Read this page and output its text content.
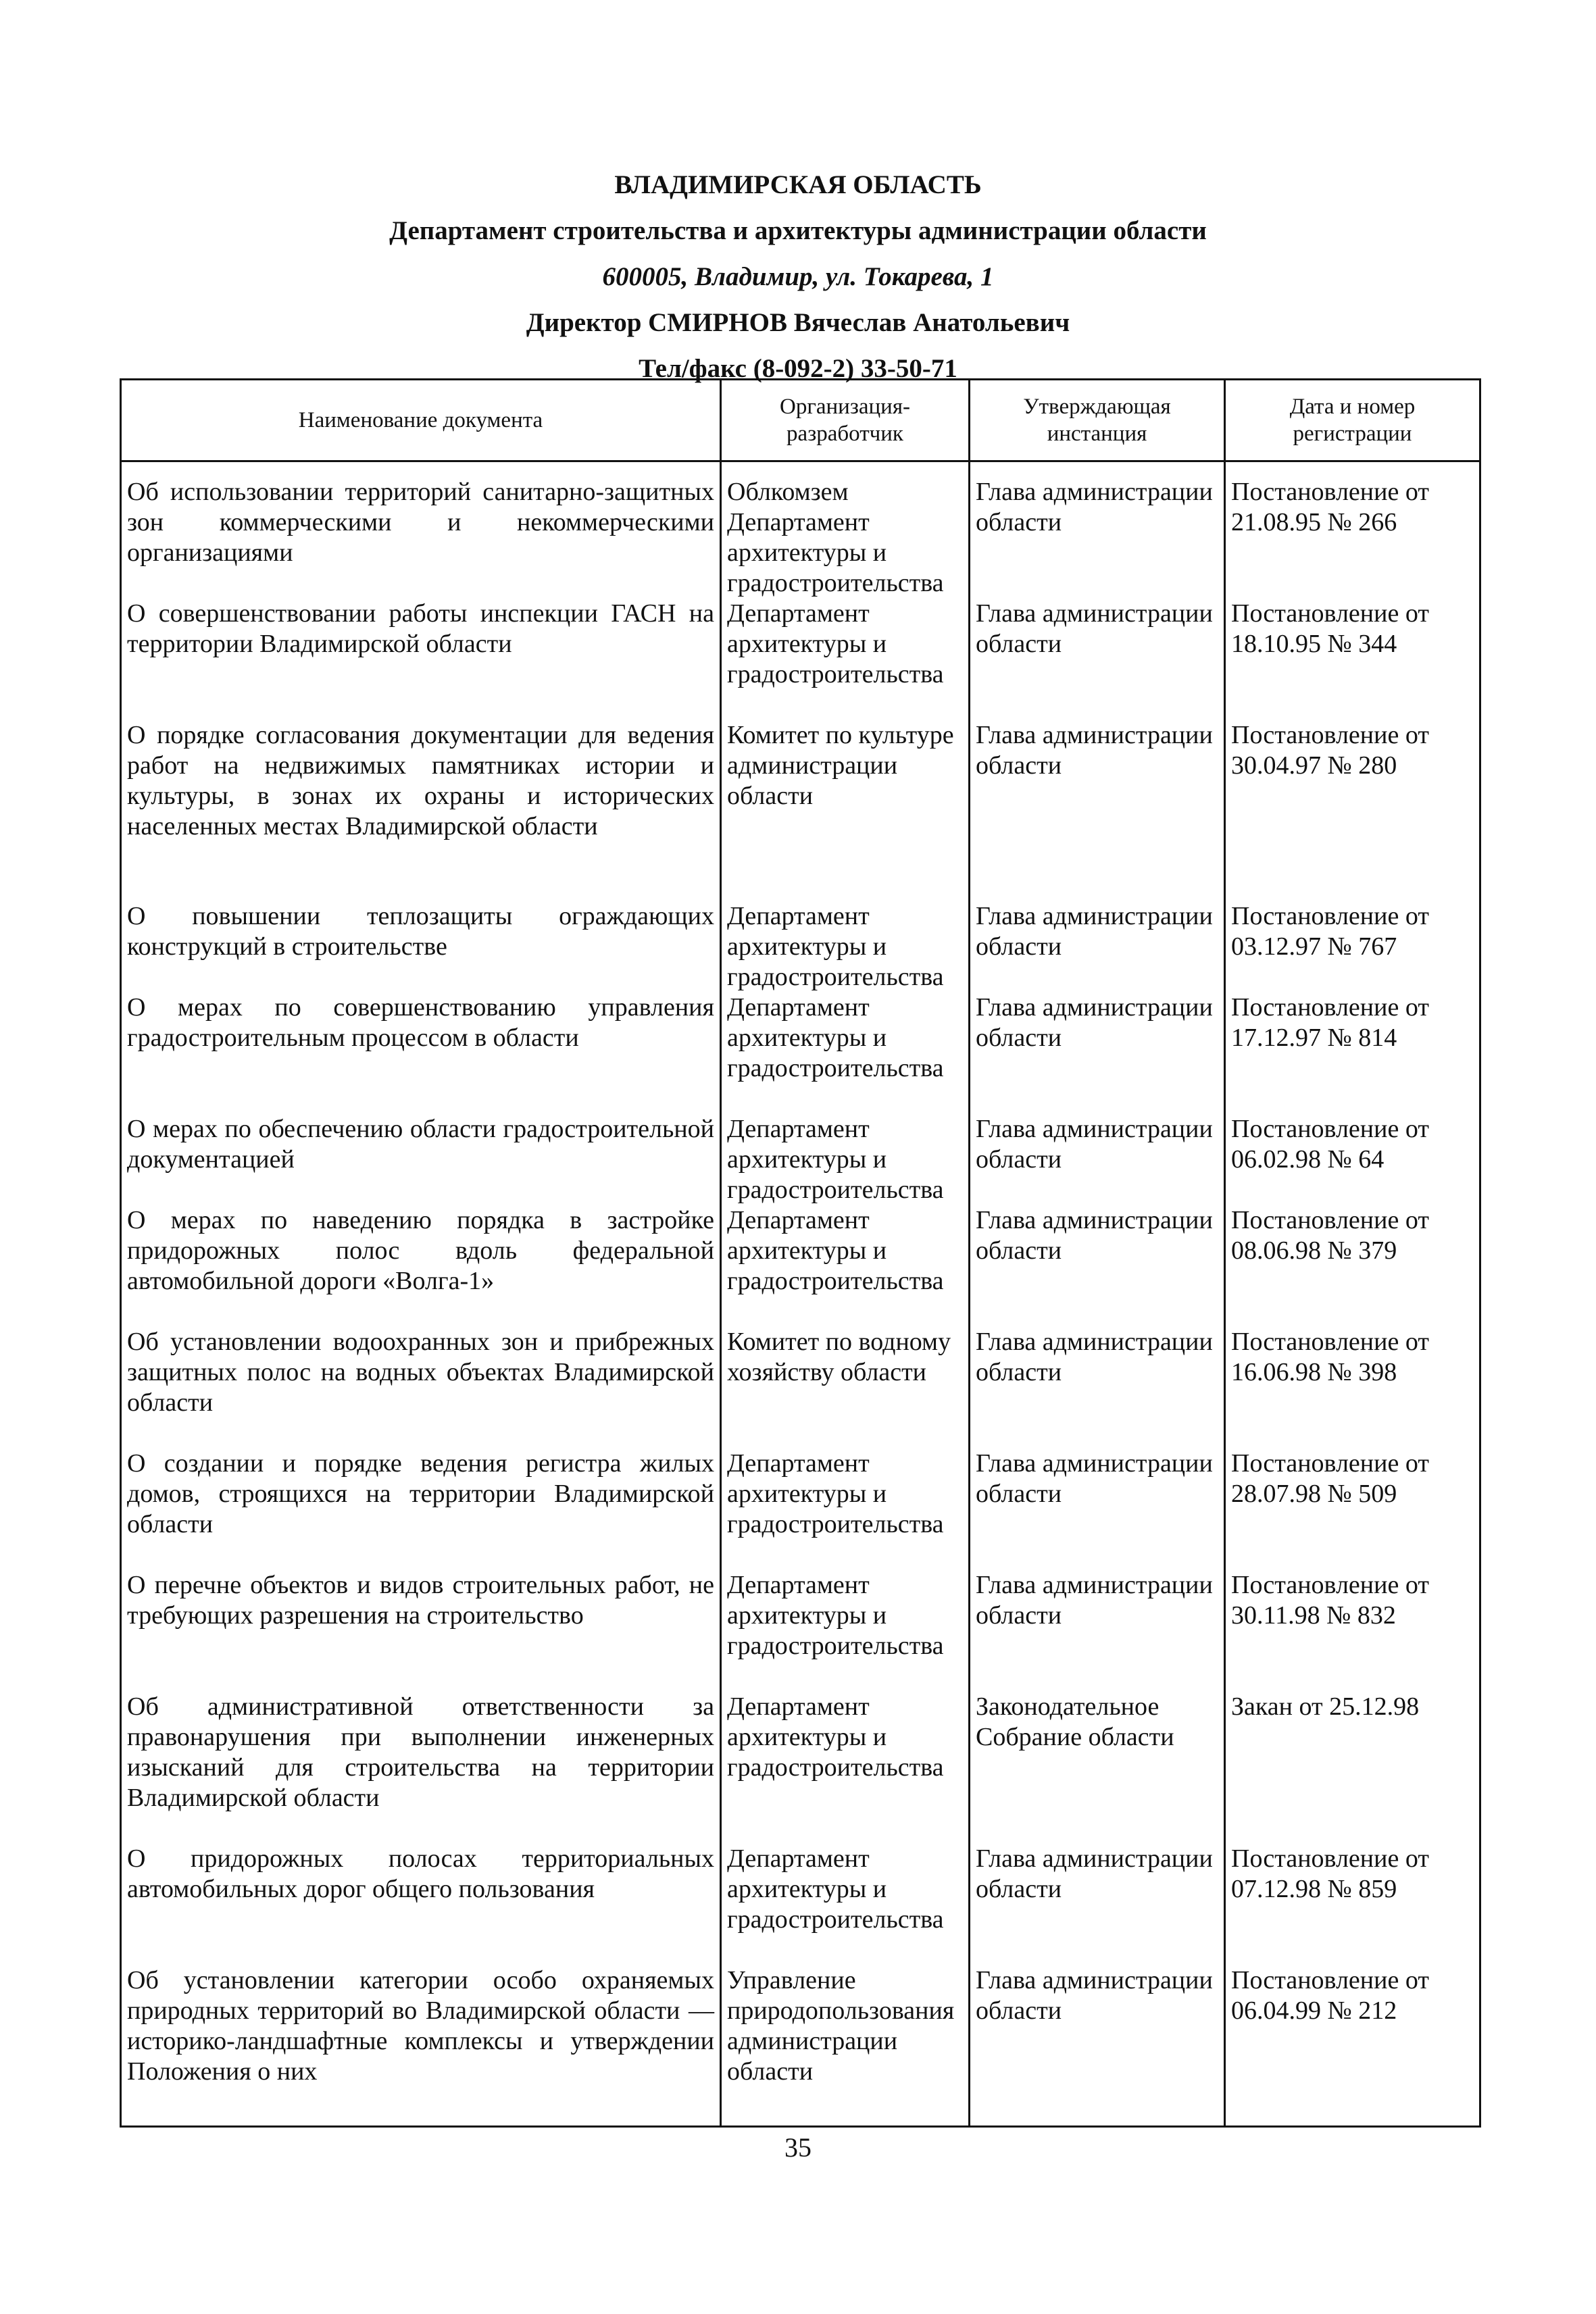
ВЛАДИМИРСКАЯ ОБЛАСТЬ
Департамент строительства и архитектуры администрации области
600005, Владимир, ул. Токарева, 1
Директор СМИРНОВ Вячеслав Анатольевич
Тел/факс (8-092-2) 33-50-71
Наименование документа	Организация-разработчик	Утверждающая инстанция	Дата и номер регистрации

Об использовании территорий санитарно-защитных зон коммерческими и некоммерческими организациями	Облкомзем Департамент архитектуры и градостроительства	Глава администрации области	Постановление от 21.08.95 № 266
О совершенствовании работы инспекции ГАСН на территории Владимирской области	Департамент архитектуры и градостроительства	Глава администрации области	Постановление от 18.10.95 № 344
О порядке согласования документации для ведения работ на недвижимых памятниках истории и культуры, в зонах их охраны и исторических населенных местах Владимирской области	Комитет по культуре администрации области	Глава администрации области	Постановление от 30.04.97 № 280
О повышении теплозащиты ограждающих конструкций в строительстве	Департамент архитектуры и градостроительства	Глава администрации области	Постановление от 03.12.97 № 767
О мерах по совершенствованию управления градостроительным процессом в области	Департамент архитектуры и градостроительства	Глава администрации области	Постановление от 17.12.97 № 814
О мерах по обеспечению области градостроительной документацией	Департамент архитектуры и градостроительства	Глава администрации области	Постановление от 06.02.98 № 64
О мерах по наведению порядка в застройке придорожных полос вдоль федеральной автомобильной дороги «Волга-1»	Департамент архитектуры и градостроительства	Глава администрации области	Постановление от 08.06.98 № 379
Об установлении водоохранных зон и прибрежных защитных полос на водных объектах Владимирской области	Комитет по водному хозяйству области	Глава администрации области	Постановление от 16.06.98 № 398
О создании и порядке ведения регистра жилых домов, строящихся на территории Владимирской области	Департамент архитектуры и градостроительства	Глава администрации области	Постановление от 28.07.98 № 509
О перечне объектов и видов строительных работ, не требующих разрешения на строительство	Департамент архитектуры и градостроительства	Глава администрации области	Постановление от 30.11.98 № 832
Об административной ответственности за правонарушения при выполнении инженерных изысканий для строительства на территории Владимирской области	Департамент архитектуры и градостроительства	Законодательное Собрание области	Закан от 25.12.98
О придорожных полосах территориальных автомобильных дорог общего пользования	Департамент архитектуры и градостроительства	Глава администрации области	Постановление от 07.12.98 № 859
Об установлении категории особо охраняемых природных территорий во Владимирской области — историко-ландшафтные комплексы и утверждении Положения о них	Управление природопользования администрации области	Глава администрации области	Постановление от 06.04.99 № 212
35
